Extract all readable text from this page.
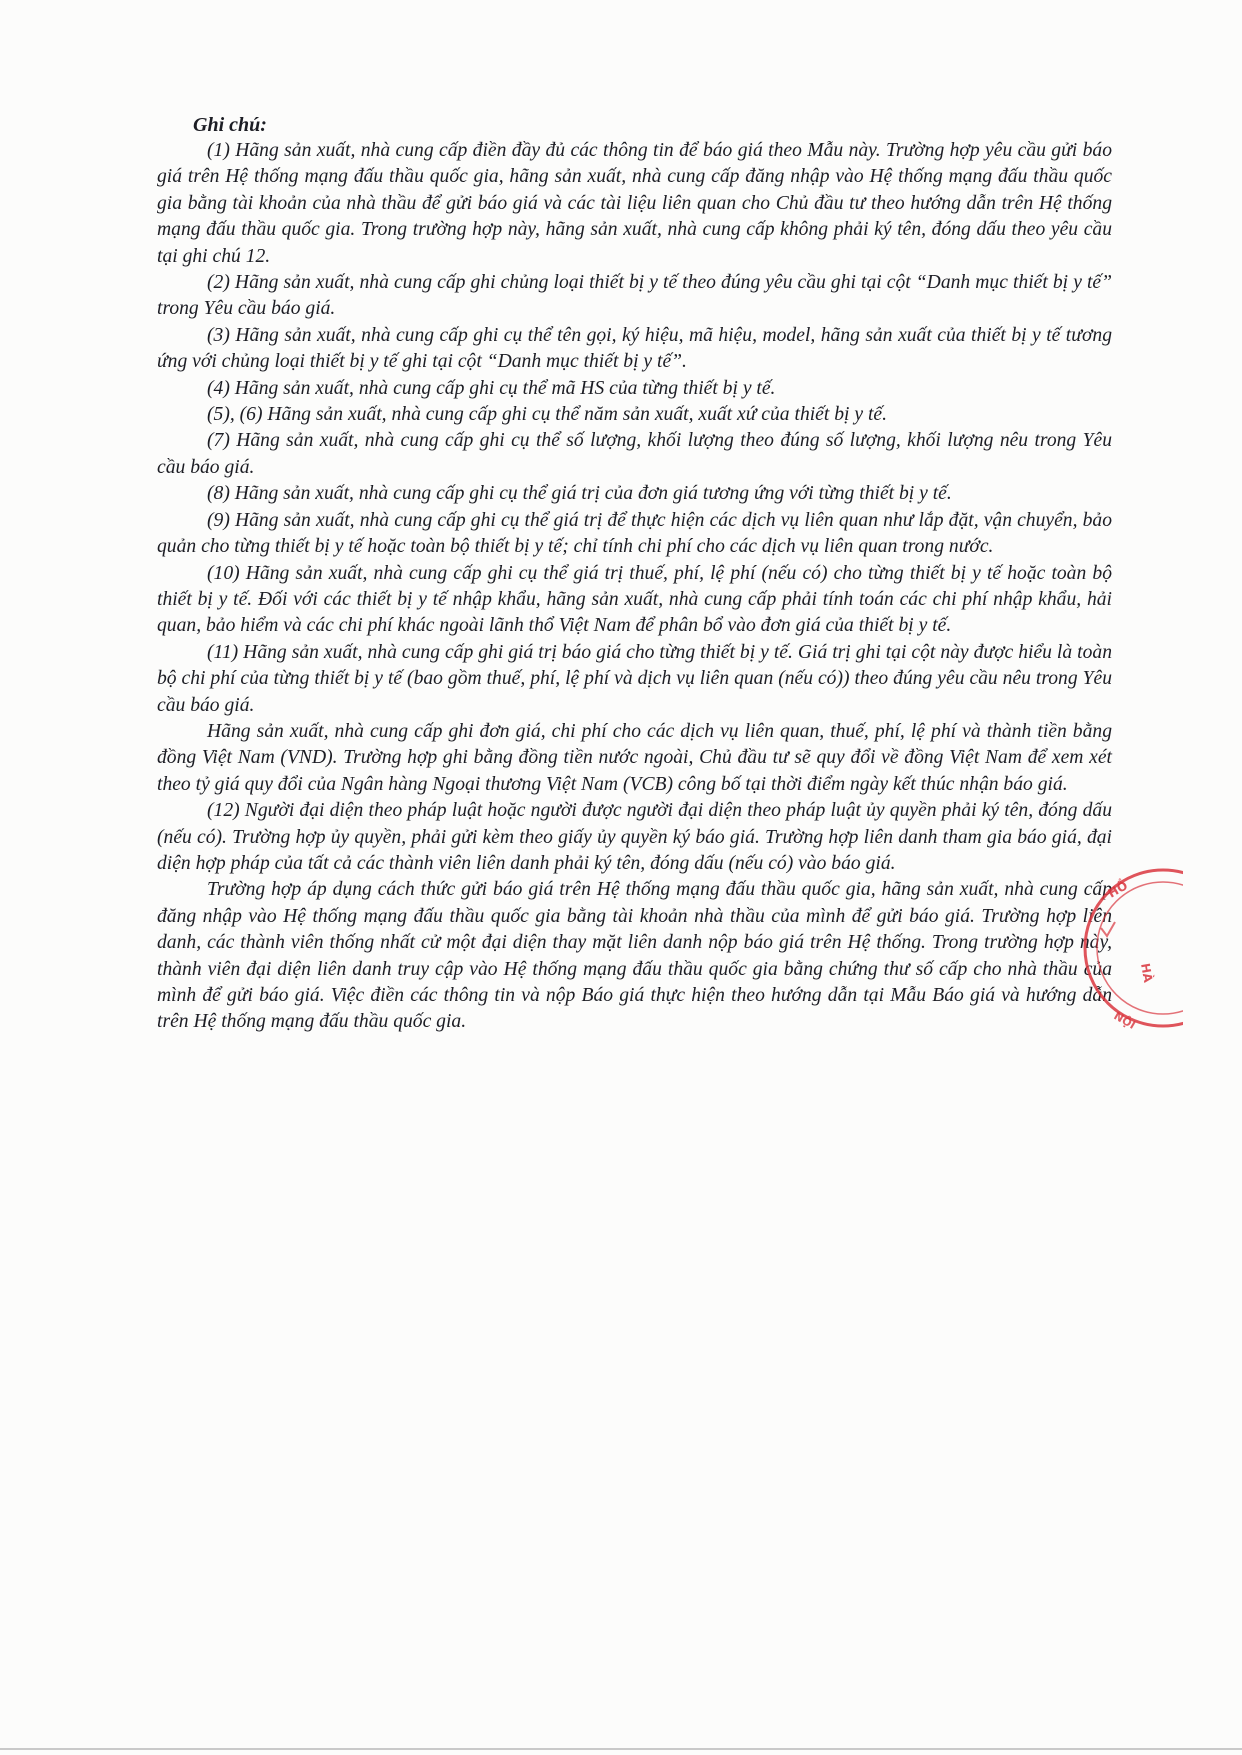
Ghi chú:

(1) Hãng sản xuất, nhà cung cấp điền đầy đủ các thông tin để báo giá theo Mẫu này. Trường hợp yêu cầu gửi báo giá trên Hệ thống mạng đấu thầu quốc gia, hãng sản xuất, nhà cung cấp đăng nhập vào Hệ thống mạng đấu thầu quốc gia bằng tài khoản của nhà thầu để gửi báo giá và các tài liệu liên quan cho Chủ đầu tư theo hướng dẫn trên Hệ thống mạng đấu thầu quốc gia. Trong trường hợp này, hãng sản xuất, nhà cung cấp không phải ký tên, đóng dấu theo yêu cầu tại ghi chú 12.

(2) Hãng sản xuất, nhà cung cấp ghi chủng loại thiết bị y tế theo đúng yêu cầu ghi tại cột “Danh mục thiết bị y tế” trong Yêu cầu báo giá.

(3) Hãng sản xuất, nhà cung cấp ghi cụ thể tên gọi, ký hiệu, mã hiệu, model, hãng sản xuất của thiết bị y tế tương ứng với chủng loại thiết bị y tế ghi tại cột “Danh mục thiết bị y tế”.

(4) Hãng sản xuất, nhà cung cấp ghi cụ thể mã HS của từng thiết bị y tế.

(5), (6) Hãng sản xuất, nhà cung cấp ghi cụ thể năm sản xuất, xuất xứ của thiết bị y tế.

(7) Hãng sản xuất, nhà cung cấp ghi cụ thể số lượng, khối lượng theo đúng số lượng, khối lượng nêu trong Yêu cầu báo giá.

(8) Hãng sản xuất, nhà cung cấp ghi cụ thể giá trị của đơn giá tương ứng với từng thiết bị y tế.

(9) Hãng sản xuất, nhà cung cấp ghi cụ thể giá trị để thực hiện các dịch vụ liên quan như lắp đặt, vận chuyển, bảo quản cho từng thiết bị y tế hoặc toàn bộ thiết bị y tế; chỉ tính chi phí cho các dịch vụ liên quan trong nước.

(10) Hãng sản xuất, nhà cung cấp ghi cụ thể giá trị thuế, phí, lệ phí (nếu có) cho từng thiết bị y tế hoặc toàn bộ thiết bị y tế. Đối với các thiết bị y tế nhập khẩu, hãng sản xuất, nhà cung cấp phải tính toán các chi phí nhập khẩu, hải quan, bảo hiểm và các chi phí khác ngoài lãnh thổ Việt Nam để phân bổ vào đơn giá của thiết bị y tế.

(11) Hãng sản xuất, nhà cung cấp ghi giá trị báo giá cho từng thiết bị y tế. Giá trị ghi tại cột này được hiểu là toàn bộ chi phí của từng thiết bị y tế (bao gồm thuế, phí, lệ phí và dịch vụ liên quan (nếu có)) theo đúng yêu cầu nêu trong Yêu cầu báo giá.

Hãng sản xuất, nhà cung cấp ghi đơn giá, chi phí cho các dịch vụ liên quan, thuế, phí, lệ phí và thành tiền bằng đồng Việt Nam (VND). Trường hợp ghi bằng đồng tiền nước ngoài, Chủ đầu tư sẽ quy đổi về đồng Việt Nam để xem xét theo tỷ giá quy đổi của Ngân hàng Ngoại thương Việt Nam (VCB) công bố tại thời điểm ngày kết thúc nhận báo giá.

(12) Người đại diện theo pháp luật hoặc người được người đại diện theo pháp luật ủy quyền phải ký tên, đóng dấu (nếu có). Trường hợp ủy quyền, phải gửi kèm theo giấy ủy quyền ký báo giá. Trường hợp liên danh tham gia báo giá, đại diện hợp pháp của tất cả các thành viên liên danh phải ký tên, đóng dấu (nếu có) vào báo giá.

Trường hợp áp dụng cách thức gửi báo giá trên Hệ thống mạng đấu thầu quốc gia, hãng sản xuất, nhà cung cấp đăng nhập vào Hệ thống mạng đấu thầu quốc gia bằng tài khoản nhà thầu của mình để gửi báo giá. Trường hợp liên danh, các thành viên thống nhất cử một đại diện thay mặt liên danh nộp báo giá trên Hệ thống. Trong trường hợp này, thành viên đại diện liên danh truy cập vào Hệ thống mạng đấu thầu quốc gia bằng chứng thư số cấp cho nhà thầu của mình để gửi báo giá. Việc điền các thông tin và nộp Báo giá thực hiện theo hướng dẫn tại Mẫu Báo giá và hướng dẫn trên Hệ thống mạng đấu thầu quốc gia.

HỒ
HÀ
NỘI
